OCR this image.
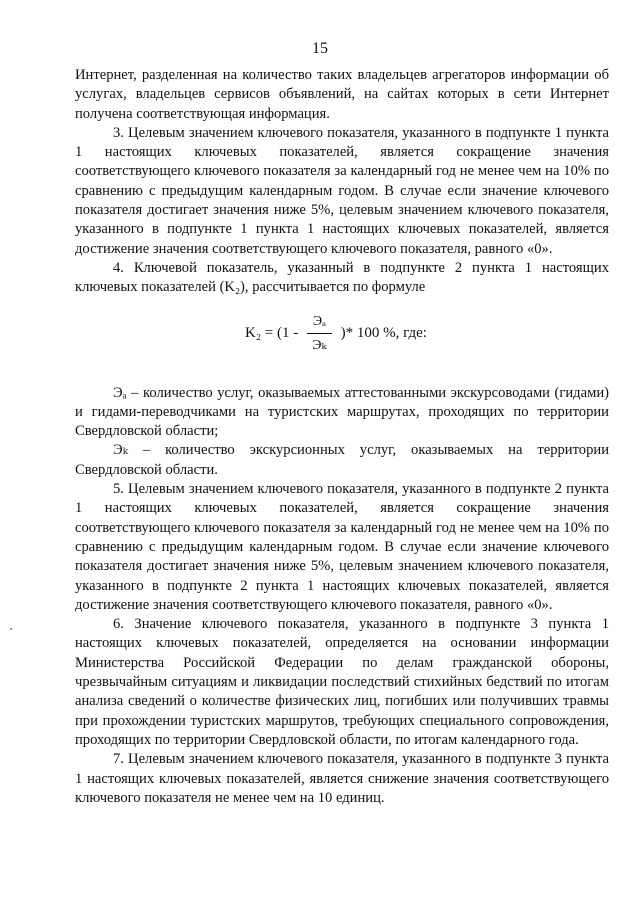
15

Интернет, разделенная на количество таких владельцев агрегаторов информации об услугах, владельцев сервисов объявлений, на сайтах которых в сети Интернет получена соответствующая информация.

3. Целевым значением ключевого показателя, указанного в подпункте 1 пункта 1 настоящих ключевых показателей, является сокращение значения соответствующего ключевого показателя за календарный год не менее чем на 10% по сравнению с предыдущим календарным годом. В случае если значение ключевого показателя достигает значения ниже 5%, целевым значением ключевого показателя, указанного в подпункте 1 пункта 1 настоящих ключевых показателей, является достижение значения соответствующего ключевого показателя, равного «0».

4. Ключевой показатель, указанный в подпункте 2 пункта 1 настоящих ключевых показателей (K₂), рассчитывается по формуле

$K_2 = (1 - \frac{\text{Эₐ}}{\text{Эₖ}}$ )* 100 %, где:

Эₐ – количество услуг, оказываемых аттестованными экскурсоводами (гидами) и гидами-переводчиками на туристских маршрутах, проходящих по территории Свердловской области;

Эₖ – количество экскурсионных услуг, оказываемых на территории Свердловской области.

5. Целевым значением ключевого показателя, указанного в подпункте 2 пункта 1 настоящих ключевых показателей, является сокращение значения соответствующего ключевого показателя за календарный год не менее чем на 10% по сравнению с предыдущим календарным годом. В случае если значение ключевого показателя достигает значения ниже 5%, целевым значением ключевого показателя, указанного в подпункте 2 пункта 1 настоящих ключевых показателей, является достижение значения соответствующего ключевого показателя, равного «0».

6. Значение ключевого показателя, указанного в подпункте 3 пункта 1 настоящих ключевых показателей, определяется на основании информации Министерства Российской Федерации по делам гражданской обороны, чрезвычайным ситуациям и ликвидации последствий стихийных бедствий по итогам анализа сведений о количестве физических лиц, погибших или получивших травмы при прохождении туристских маршрутов, требующих специального сопровождения, проходящих по территории Свердловской области, по итогам календарного года.

7. Целевым значением ключевого показателя, указанного в подпункте 3 пункта 1 настоящих ключевых показателей, является снижение значения соответствующего ключевого показателя не менее чем на 10 единиц.
